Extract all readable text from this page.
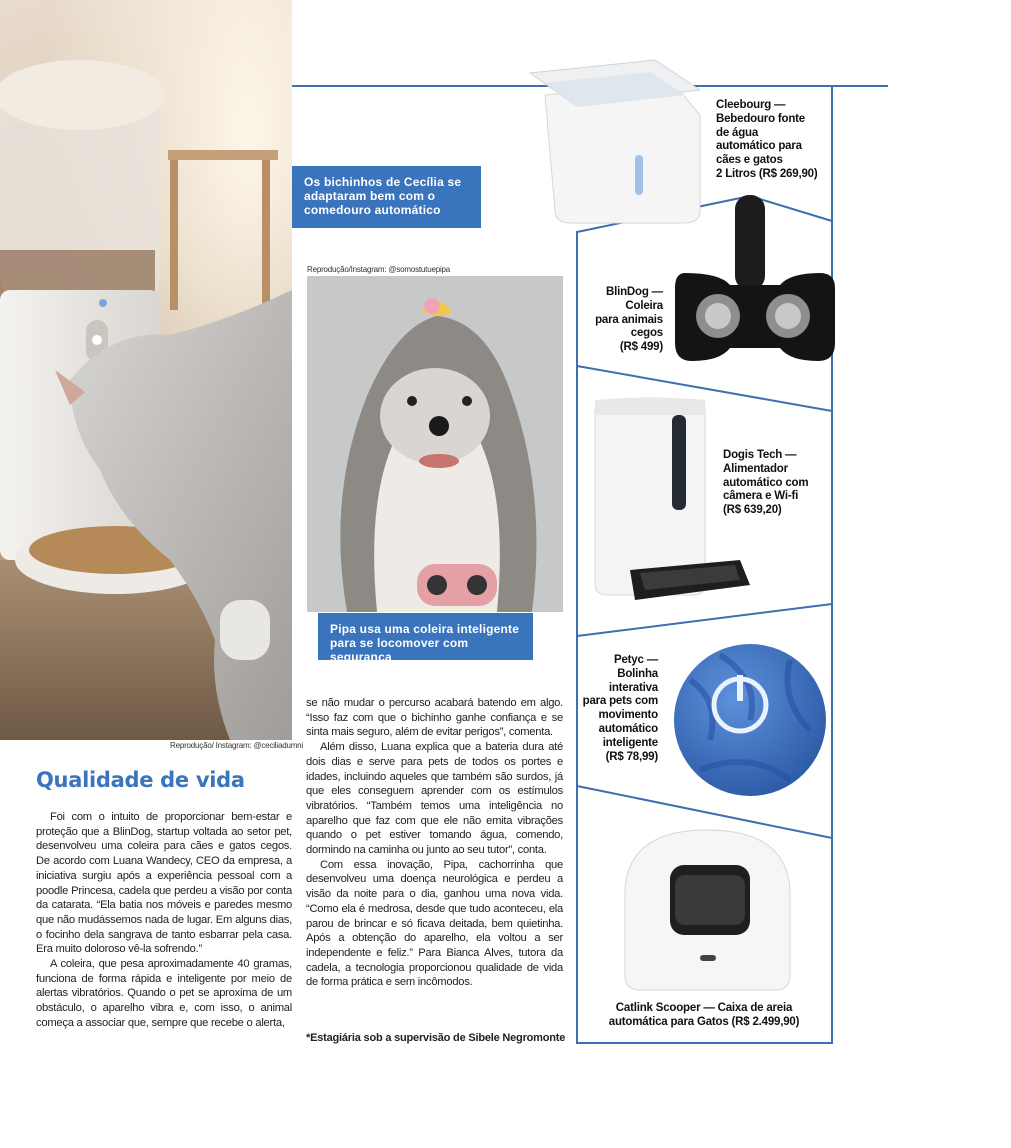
Reprodução/ Instagram: @ceciliadumni
Os bichinhos de Cecília se adaptaram bem com o comedouro automático
Reprodução/Instagram: @somostutuepipa
Pipa usa uma coleira inteligente para se locomover com segurança
Qualidade de vida

Foi com o intuito de proporcionar bem-estar e proteção que a BlinDog, startup voltada ao setor pet, desenvolveu uma coleira para cães e gatos cegos. De acordo com Luana Wandecy, CEO da empresa, a iniciativa surgiu após a experiência pessoal com a poodle Princesa, cadela que perdeu a visão por conta da catarata. “Ela batia nos móveis e paredes mesmo que não mudássemos nada de lugar. Em alguns dias, o focinho dela sangrava de tanto esbarrar pela casa. Era muito doloroso vê-la sofrendo.”

A coleira, que pesa aproximadamente 40 gramas, funciona de forma rápida e inteligente por meio de alertas vibratórios. Quando o pet se aproxima de um obstáculo, o aparelho vibra e, com isso, o animal começa a associar que, sempre que recebe o alerta,

se não mudar o percurso acabará batendo em algo. “Isso faz com que o bichinho ganhe confiança e se sinta mais seguro, além de evitar perigos”, comenta.

Além disso, Luana explica que a bateria dura até dois dias e serve para pets de todos os portes e idades, incluindo aqueles que também são surdos, já que eles conseguem aprender com os estímulos vibratórios. “Também temos uma inteligência no aparelho que faz com que ele não emita vibrações quando o pet estiver tomando água, comendo, dormindo na caminha ou junto ao seu tutor”, conta.

Com essa inovação, Pipa, cachorrinha que desenvolveu uma doença neurológica e perdeu a visão da noite para o dia, ganhou uma nova vida. “Como ela é medrosa, desde que tudo aconteceu, ela parou de brincar e só ficava deitada, bem quietinha. Após a obtenção do aparelho, ela voltou a ser independente e feliz.” Para Bianca Alves, tutora da cadela, a tecnologia proporcionou qualidade de vida de forma prática e sem incômodos.

*Estagiária sob a supervisão de Sibele Negromonte
Cleebourg —
Bebedouro fonte
de água
automático para
cães e gatos
2 Litros (R$ 269,90)
BlinDog —
Coleira
para animais
cegos
(R$ 499)
Dogis Tech —
Alimentador
automático com
câmera e Wi-fi
(R$ 639,20)
Petyc —
Bolinha
interativa
para pets com
movimento
automático
inteligente
(R$ 78,99)
Catlink Scooper — Caixa de areia
automática para Gatos (R$ 2.499,90)
